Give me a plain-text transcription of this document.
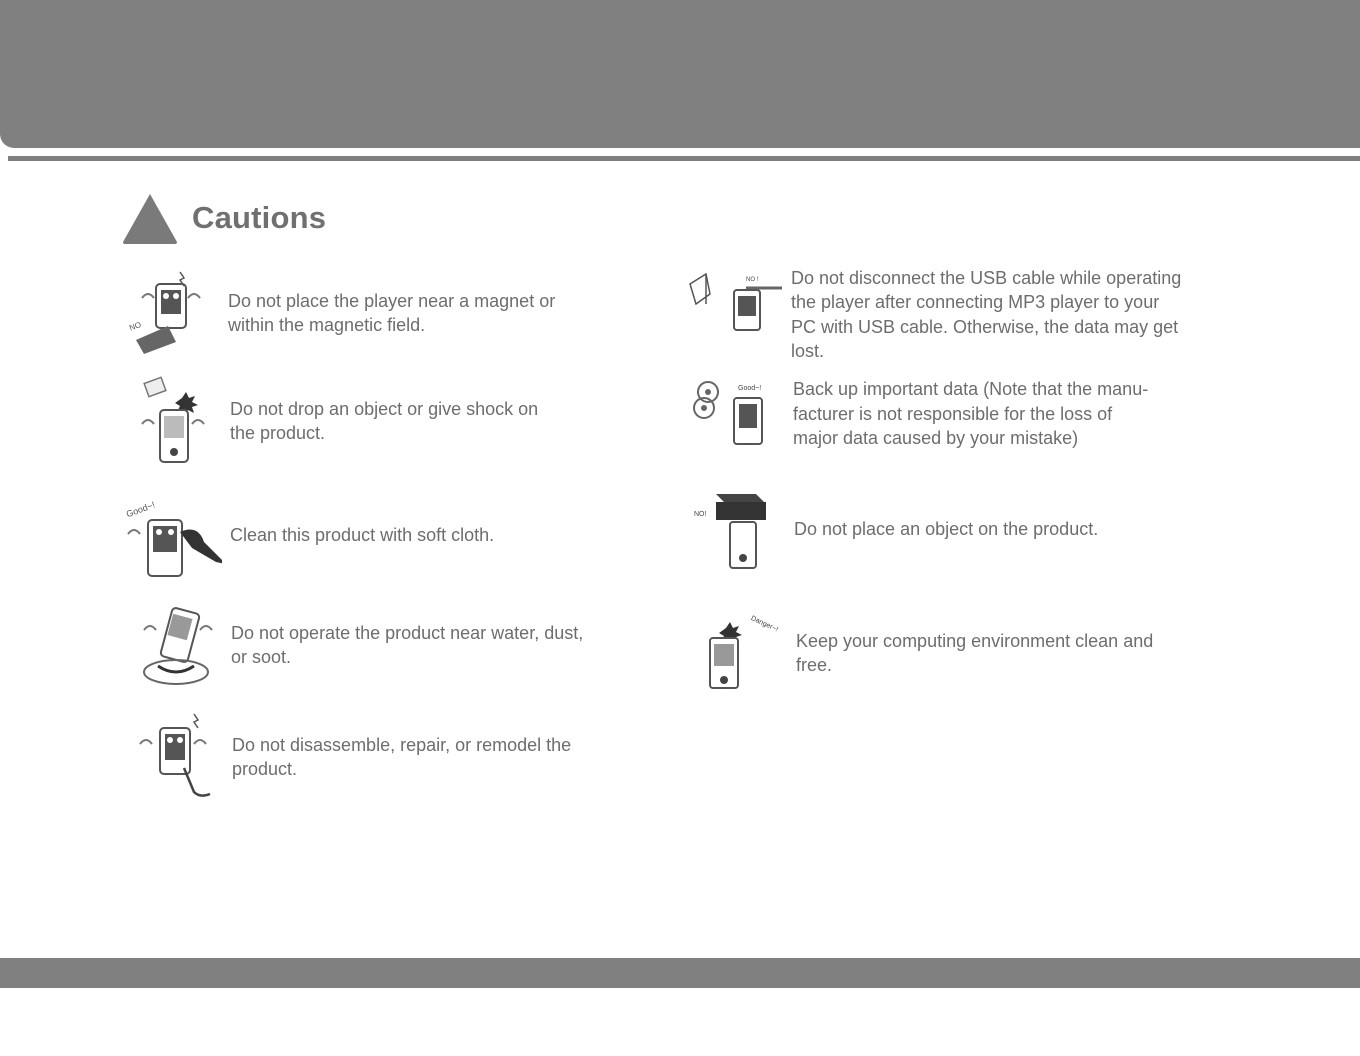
Cautions
NO
Do not place the player near a magnet or
within the magnetic field.
Do not drop an object or give shock on
the product.
Good~!
Clean this product with soft cloth.
Do not operate the product near water, dust,
or soot.
Do not disassemble, repair, or remodel the
product.
NO ! Do not disconnect the USB cable while operating
the player after connecting MP3 player to your
PC with USB cable. Otherwise, the data may get
lost.
Good~! Back up important data (Note that the manu-
facturer is not responsible for the loss of
major data caused by your mistake)
NO!
Do not place an object on the product.
Danger~!
Keep your computing environment clean and
free.
